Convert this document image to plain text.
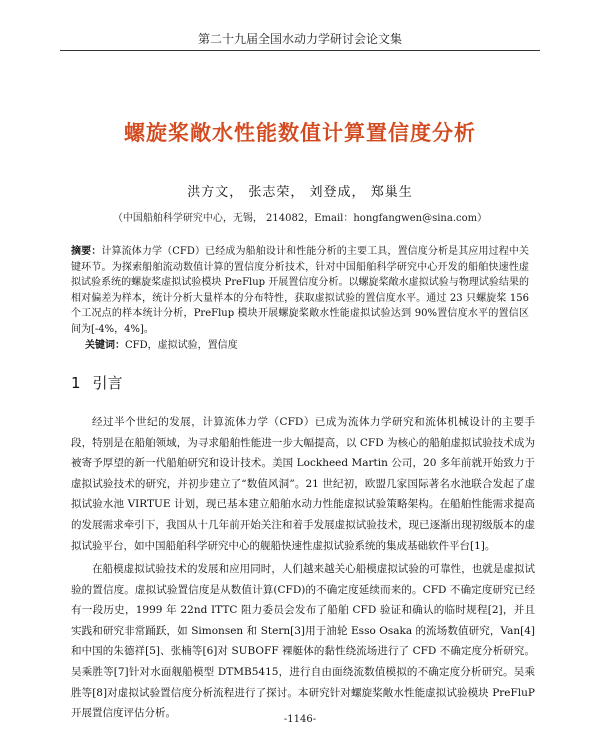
第二十九届全国水动力学研讨会论文集
螺旋桨敞水性能数值计算置信度分析
洪方文， 张志荣， 刘登成， 郑巢生
（中国船舶科学研究中心，无锡， 214082，Email：hongfangwen@sina.com）
摘要：计算流体力学（CFD）已经成为船舶设计和性能分析的主要工具，置信度分析是其应用过程中关键环节。为探索船舶流动数值计算的置信度分析技术，针对中国船舶科学研究中心开发的船舶快速性虚拟试验系统的螺旋桨虚拟试验模块 PreFlup 开展置信度分析。以螺旋桨敞水虚拟试验与物理试验结果的相对偏差为样本，统计分析大量样本的分布特性，获取虚拟试验的置信度水平。通过 23 只螺旋桨 156 个工况点的样本统计分析，PreFlup 模块开展螺旋桨敞水性能虚拟试验达到 90%置信度水平的置信区间为[-4%，4%]。
关键词：CFD，虚拟试验，置信度
1 引言

经过半个世纪的发展，计算流体力学（CFD）已成为流体力学研究和流体机械设计的主要手段，特别是在船舶领域，为寻求船舶性能进一步大幅提高，以 CFD 为核心的船舶虚拟试验技术成为被寄予厚望的新一代船舶研究和设计技术。美国 Lockheed Martin 公司，20 多年前就开始致力于虚拟试验技术的研究，并初步建立了“数值风洞”。21 世纪初，欧盟几家国际著名水池联合发起了虚拟试验水池 VIRTUE 计划，现已基本建立船舶水动力性能虚拟试验策略架构。在船舶性能需求提高的发展需求牵引下，我国从十几年前开始关注和着手发展虚拟试验技术，现已逐渐出现初级版本的虚拟试验平台，如中国船舶科学研究中心的舰船快速性虚拟试验系统的集成基础软件平台[1]。

在船模虚拟试验技术的发展和应用同时，人们越来越关心船模虚拟试验的可靠性，也就是虚拟试验的置信度。虚拟试验置信度是从数值计算(CFD)的不确定度延续而来的。CFD 不确定度研究已经有一段历史，1999 年 22nd ITTC 阻力委员会发布了船舶 CFD 验证和确认的临时规程[2]，并且实践和研究非常踊跃，如 Simonsen 和 Stern[3]用于油轮 Esso Osaka 的流场数值研究，Van[4]和中国的朱德祥[5]、张楠等[6]对 SUBOFF 裸艇体的黏性绕流场进行了 CFD 不确定度分析研究。吴乘胜等[7]针对水面舰船模型 DTMB5415，进行自由面绕流数值模拟的不确定度分析研究。吴乘胜等[8]对虚拟试验置信度分析流程进行了探讨。本研究针对螺旋桨敞水性能虚拟试验模块 PreFluP 开展置信度评估分析。

-1146-
